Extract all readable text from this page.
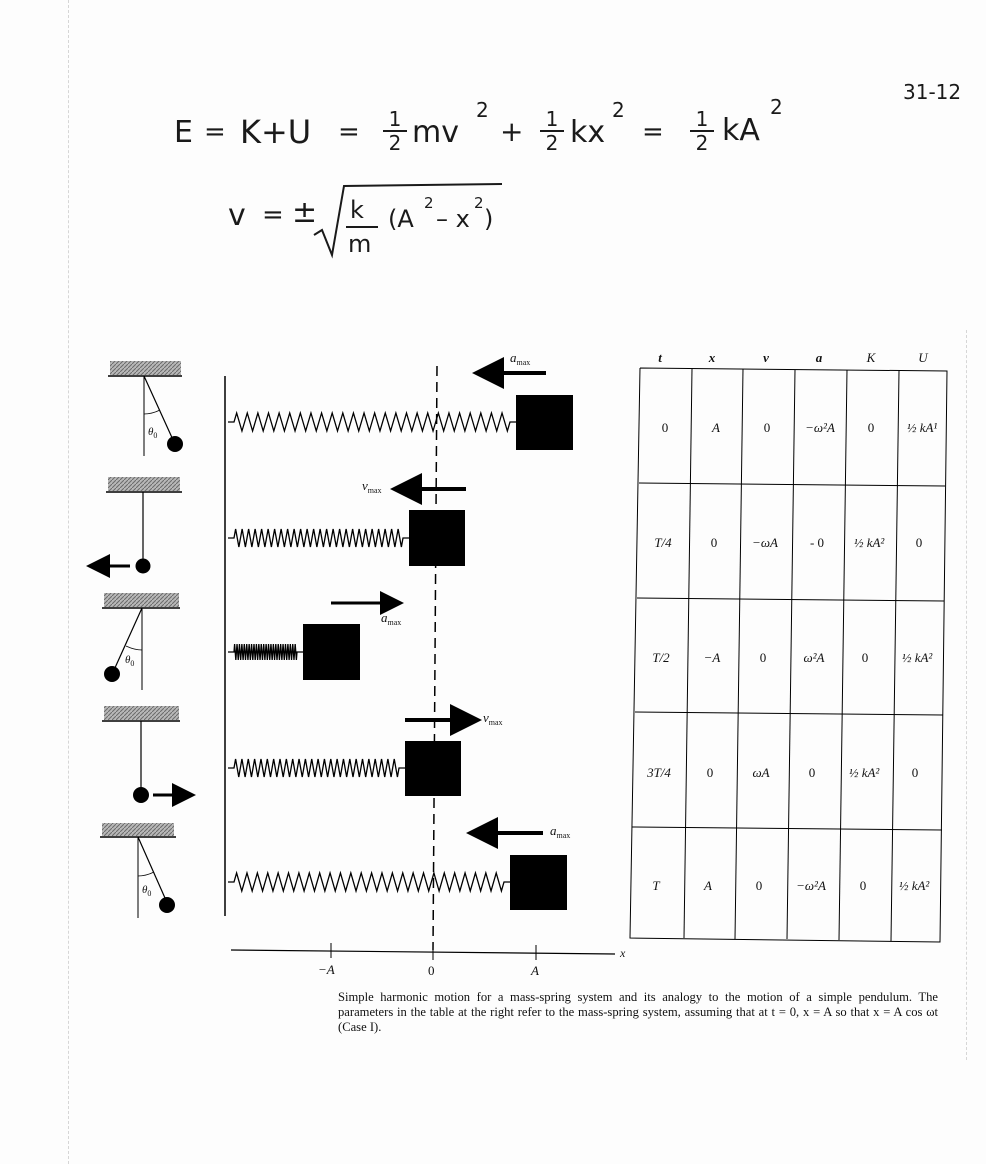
31-12
E = K+U = 1
2 mv
2
+ 1
2 kx
2
= 1
2 kA
2
v = ± k
m
(A
2
– x
2
)
$\theta_0$
$\theta_0$
$\theta_0$
$a_{max}$
$v_{max}$
$a_{max}$
$v_{max}$
$a_{max}$
−A	0	A
x
t	x	v	a	K	U
0	A	0	−ω²A	0	½ kA¹
T/4	0	−ωA	- 0	½ kA²	0
T/2	−A	0	ω²A	0	½ kA²
3T/4	0	ωA	0	½ kA²	0
T	A	0	−ω²A	0	½ kA²
Simple harmonic motion for a mass-spring system and its analogy to the motion of a simple pendulum. The parameters in the table at the right refer to the mass-spring system, assuming that at t = 0, x = A so that x = A cos ωt (Case I).
